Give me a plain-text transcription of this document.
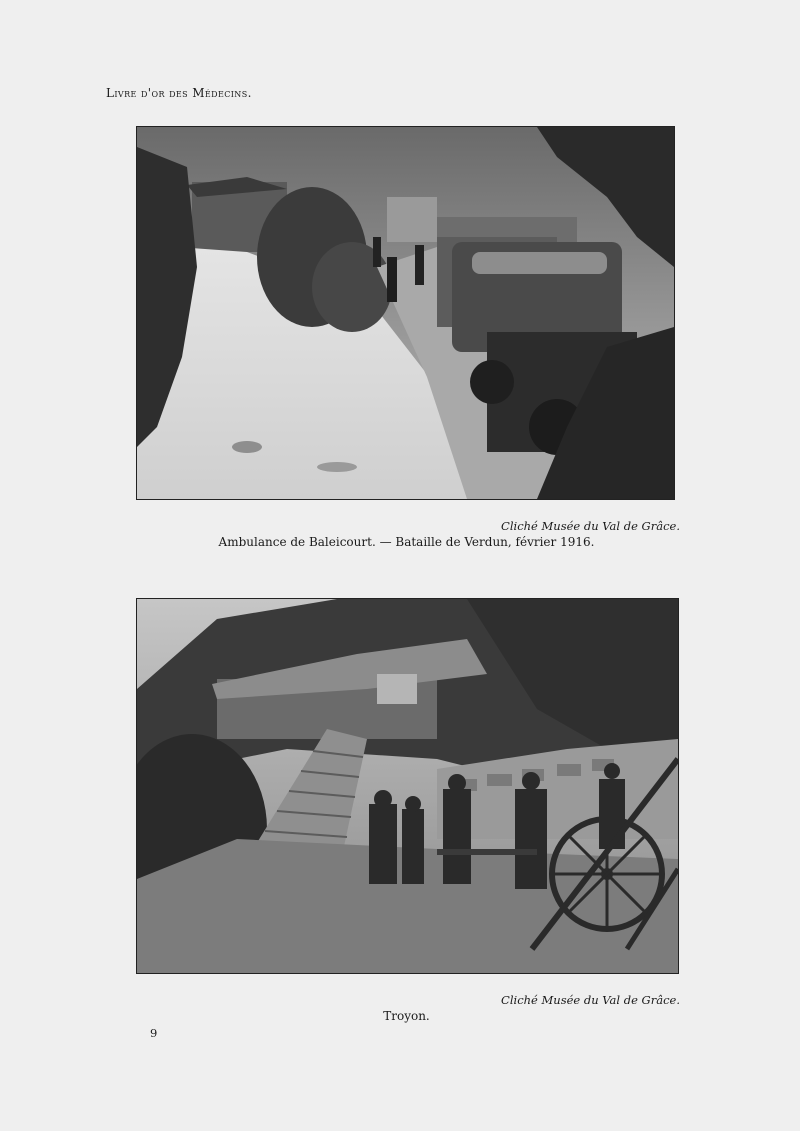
Livre d'or des Médecins.
Cliché Musée du Val de Grâce.
Ambulance de Baleicourt. — Bataille de Verdun, février 1916.
Cliché Musée du Val de Grâce.
Troyon.
9
